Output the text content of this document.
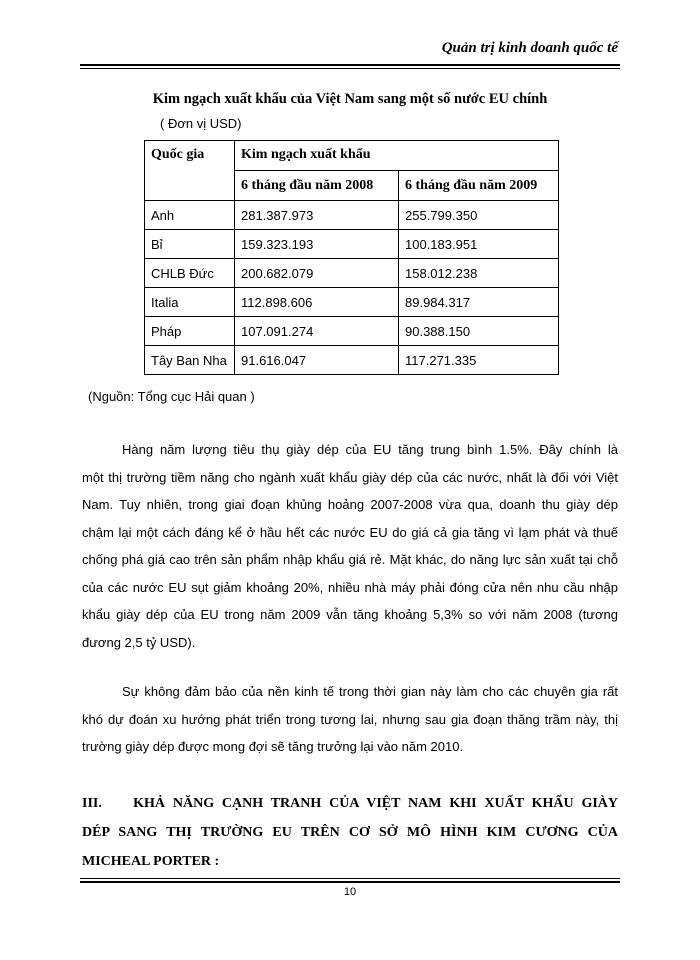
Quản trị kinh doanh quốc tế
Kim ngạch xuất khẩu của Việt Nam sang một số nước EU chính
( Đơn vị USD)
Quốc gia	Kim ngạch xuất khẩu	
	6 tháng đầu năm 2008	6 tháng đầu năm 2009
Anh	281.387.973	255.799.350
Bỉ	159.323.193	100.183.951
CHLB Đức	200.682.079	158.012.238
Italia	112.898.606	89.984.317
Pháp	107.091.274	90.388.150
Tây Ban Nha	91.616.047	117.271.335
(Nguồn: Tổng cục Hải quan )

Hàng năm lượng tiêu thụ giày dép của EU tăng trung bình 1.5%. Đây chính là
một thị trường tiềm năng cho ngành xuất khẩu giày dép của các nước, nhất là đối với Việt
Nam. Tuy nhiên, trong giai đoạn khủng hoảng 2007-2008 vừa qua, doanh thu giày dép
chậm lại một cách đáng kể ở hầu hết các nước EU do giá cả gia tăng vì lạm phát và thuế
chống phá giá cao trên sản phẩm nhập khẩu giá rẻ. Mặt khác, do năng lực sản xuất tại chỗ
của các nước EU sụt giảm khoảng 20%, nhiều nhà máy phải đóng cửa nên nhu cầu nhập
khẩu giày dép của EU trong năm 2009 vẫn tăng khoảng 5,3% so với năm 2008 (tương
đương 2,5 tỷ USD).

Sự không đảm bảo của nền kinh tế trong thời gian này làm cho các chuyên gia rất
khó dự đoán xu hướng phát triển trong tương lai, nhưng sau gia đoạn thăng trầm này, thị
trường giày dép được mong đợi sẽ tăng trưởng lại vào năm 2010.

III.    KHẢ NĂNG CẠNH TRANH CỦA VIỆT NAM KHI XUẤT KHẨU GIÀY
DÉP SANG THỊ TRƯỜNG EU TRÊN CƠ SỞ MÔ HÌNH KIM CƯƠNG CỦA
MICHEAL PORTER :

10
